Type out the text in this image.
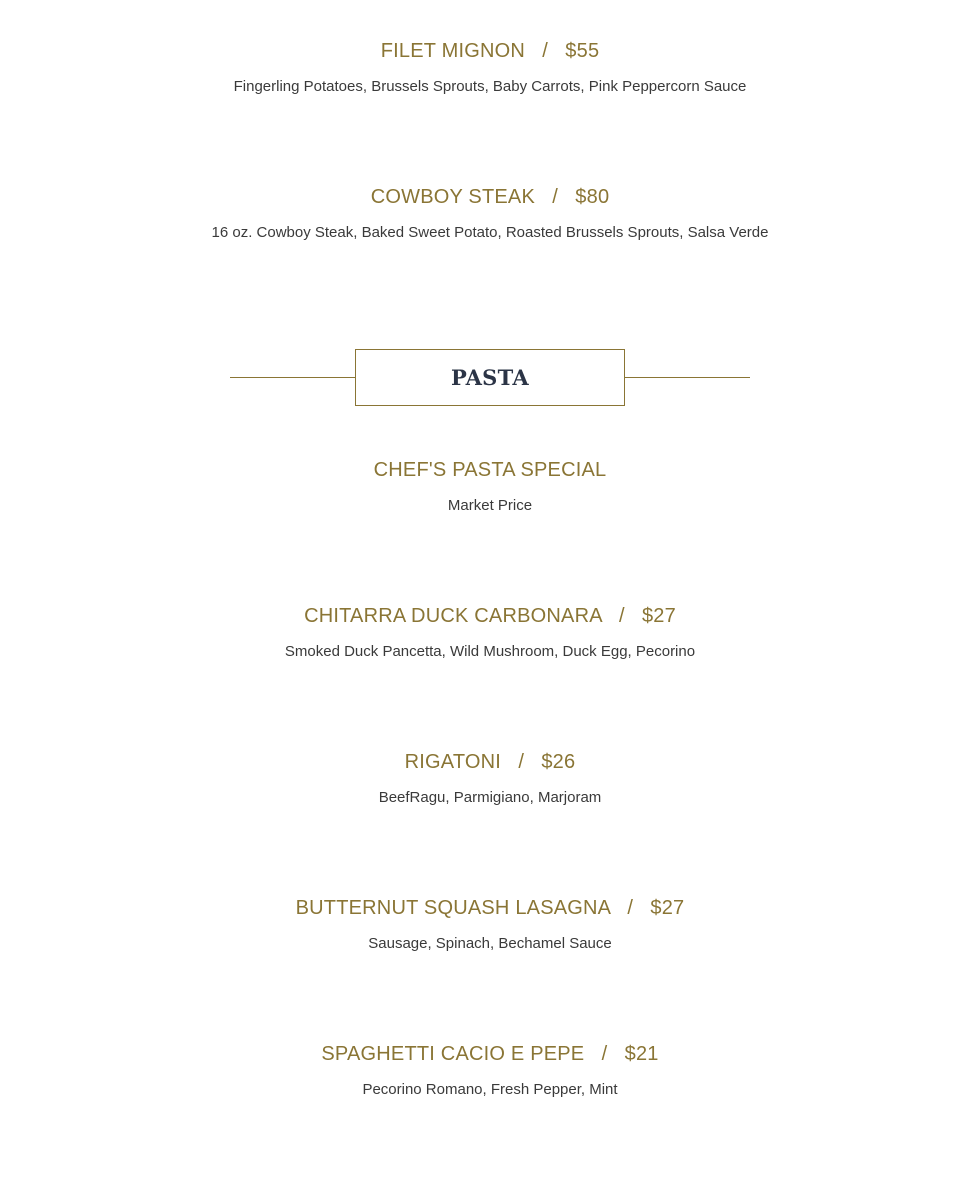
FILET MIGNON   /   $55

Fingerling Potatoes, Brussels Sprouts, Baby Carrots, Pink Peppercorn Sauce

COWBOY STEAK   /   $80

16 oz. Cowboy Steak, Baked Sweet Potato, Roasted Brussels Sprouts, Salsa Verde

PASTA

CHEF'S PASTA SPECIAL

Market Price

CHITARRA DUCK CARBONARA   /   $27

Smoked Duck Pancetta, Wild Mushroom, Duck Egg, Pecorino

RIGATONI   /   $26

BeefRagu, Parmigiano, Marjoram

BUTTERNUT SQUASH LASAGNA   /   $27

Sausage, Spinach, Bechamel Sauce

SPAGHETTI CACIO E PEPE   /   $21

Pecorino Romano, Fresh Pepper, Mint
